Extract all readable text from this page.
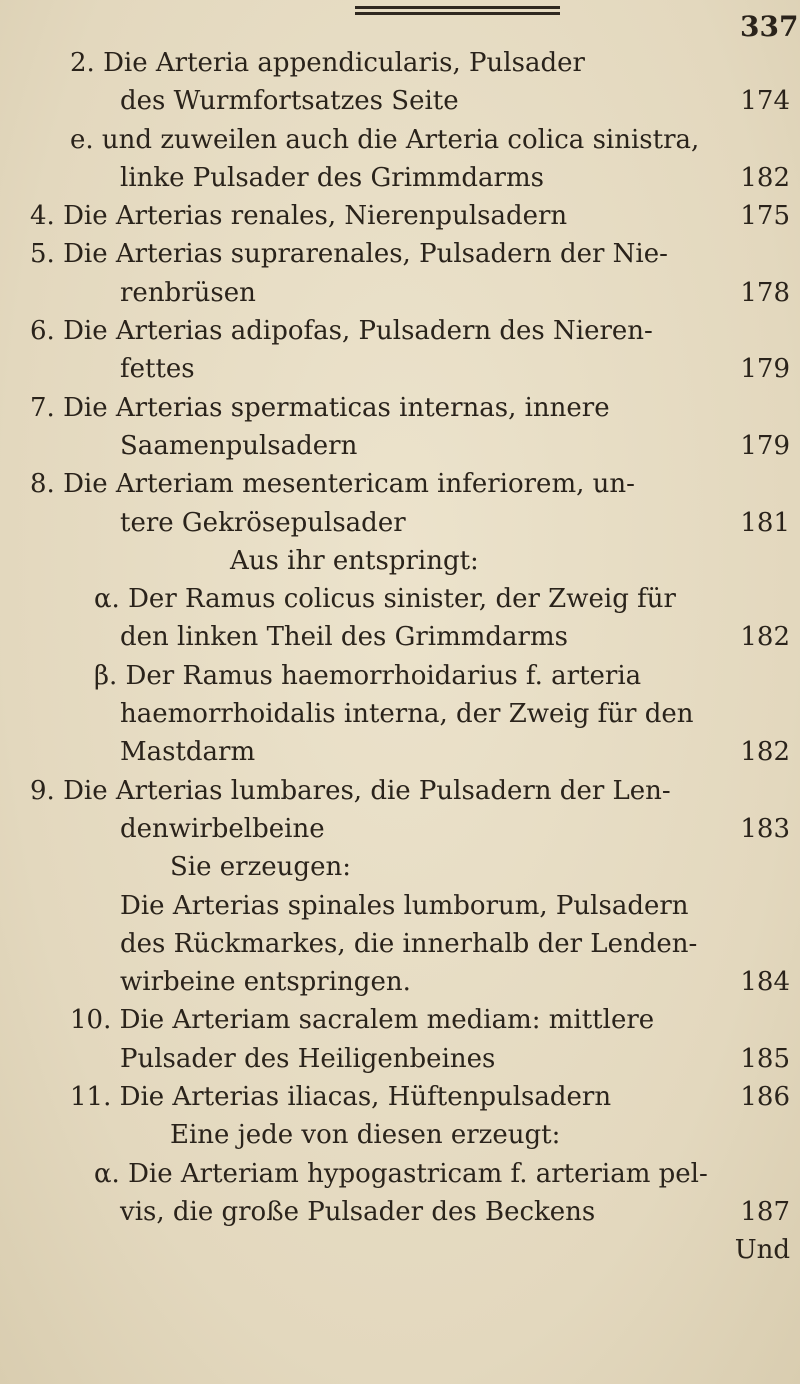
337
2. Die Arteria appendicularis, Pulsader
des Wurmfortsatzes Seite	174
e. und zuweilen auch die Arteria colica sinistra,
linke Pulsader des Grimmdarms	182
4. Die Arterias renales, Nierenpulsadern	175
5. Die Arterias suprarenales, Pulsadern der Nie-
renbrüsen	178
6. Die Arterias adipofas, Pulsadern des Nieren-
fettes	179
7. Die Arterias spermaticas internas, innere
Saamenpulsadern	179
8. Die Arteriam mesentericam inferiorem, un-
tere Gekrösepulsader	181
Aus ihr entspringt:
α. Der Ramus colicus sinister, der Zweig für
den linken Theil des Grimmdarms	182
β. Der Ramus haemorrhoidarius f. arteria
haemorrhoidalis interna, der Zweig für den
Mastdarm	182
9. Die Arterias lumbares, die Pulsadern der Len-
denwirbelbeine	183
Sie erzeugen:
Die Arterias spinales lumborum, Pulsadern
des Rückmarkes, die innerhalb der Lenden-
wirbeine entspringen.	184
10. Die Arteriam sacralem mediam: mittlere
Pulsader des Heiligenbeines	185
11. Die Arterias iliacas, Hüftenpulsadern	186
Eine jede von diesen erzeugt:
α. Die Arteriam hypogastricam f. arteriam pel-
vis, die große Pulsader des Beckens	187
Und
